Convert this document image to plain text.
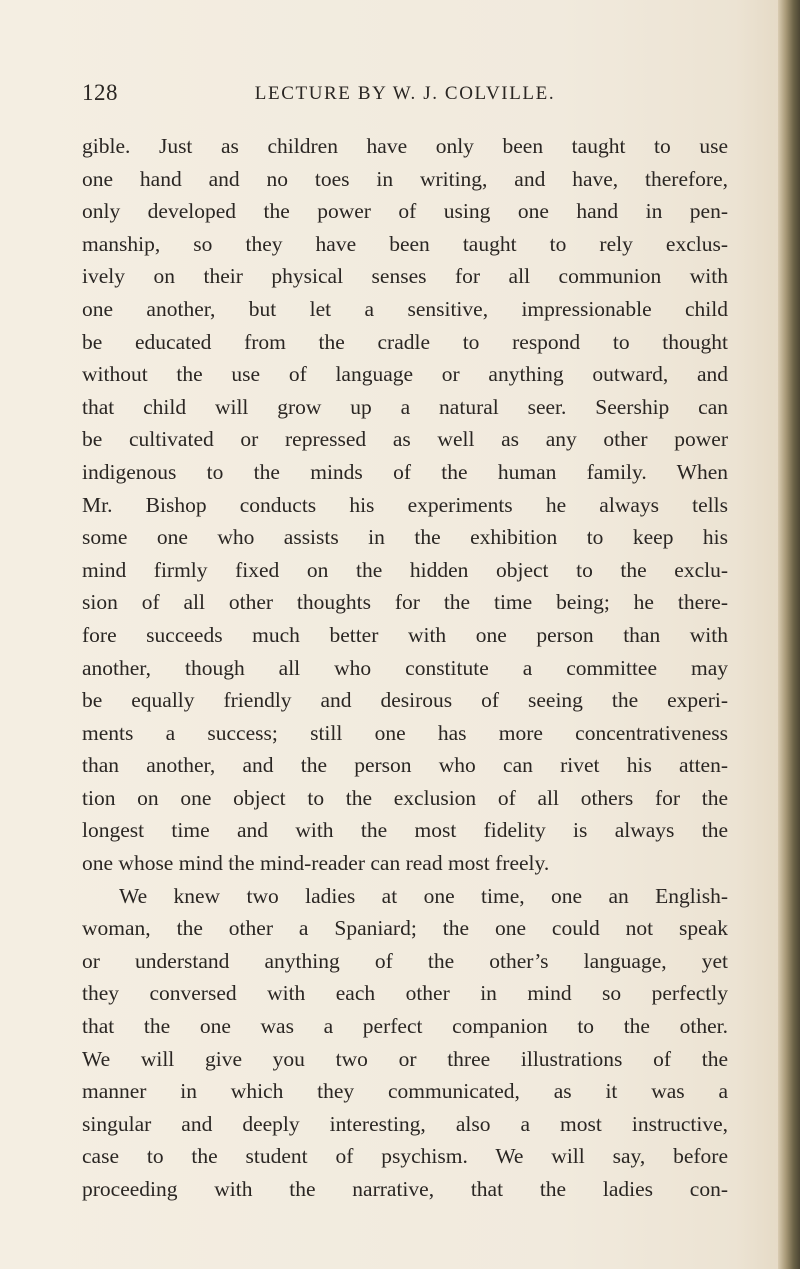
128	LECTURE BY W. J. COLVILLE.
gible. Just as children have only been taught to use
one hand and no toes in writing, and have, therefore,
only developed the power of using one hand in pen-
manship, so they have been taught to rely exclus-
ively on their physical senses for all communion with
one another, but let a sensitive, impressionable child
be educated from the cradle to respond to thought
without the use of language or anything outward, and
that child will grow up a natural seer. Seership can
be cultivated or repressed as well as any other power
indigenous to the minds of the human family. When
Mr. Bishop conducts his experiments he always tells
some one who assists in the exhibition to keep his
mind firmly fixed on the hidden object to the exclu-
sion of all other thoughts for the time being; he there-
fore succeeds much better with one person than with
another, though all who constitute a committee may
be equally friendly and desirous of seeing the experi-
ments a success; still one has more concentrativeness
than another, and the person who can rivet his atten-
tion on one object to the exclusion of all others for the
longest time and with the most fidelity is always the
one whose mind the mind-reader can read most freely.
We knew two ladies at one time, one an English-
woman, the other a Spaniard; the one could not speak
or understand anything of the other’s language, yet
they conversed with each other in mind so perfectly
that the one was a perfect companion to the other.
We will give you two or three illustrations of the
manner in which they communicated, as it was a
singular and deeply interesting, also a most instructive,
case to the student of psychism. We will say, before
proceeding with the narrative, that the ladies con-
